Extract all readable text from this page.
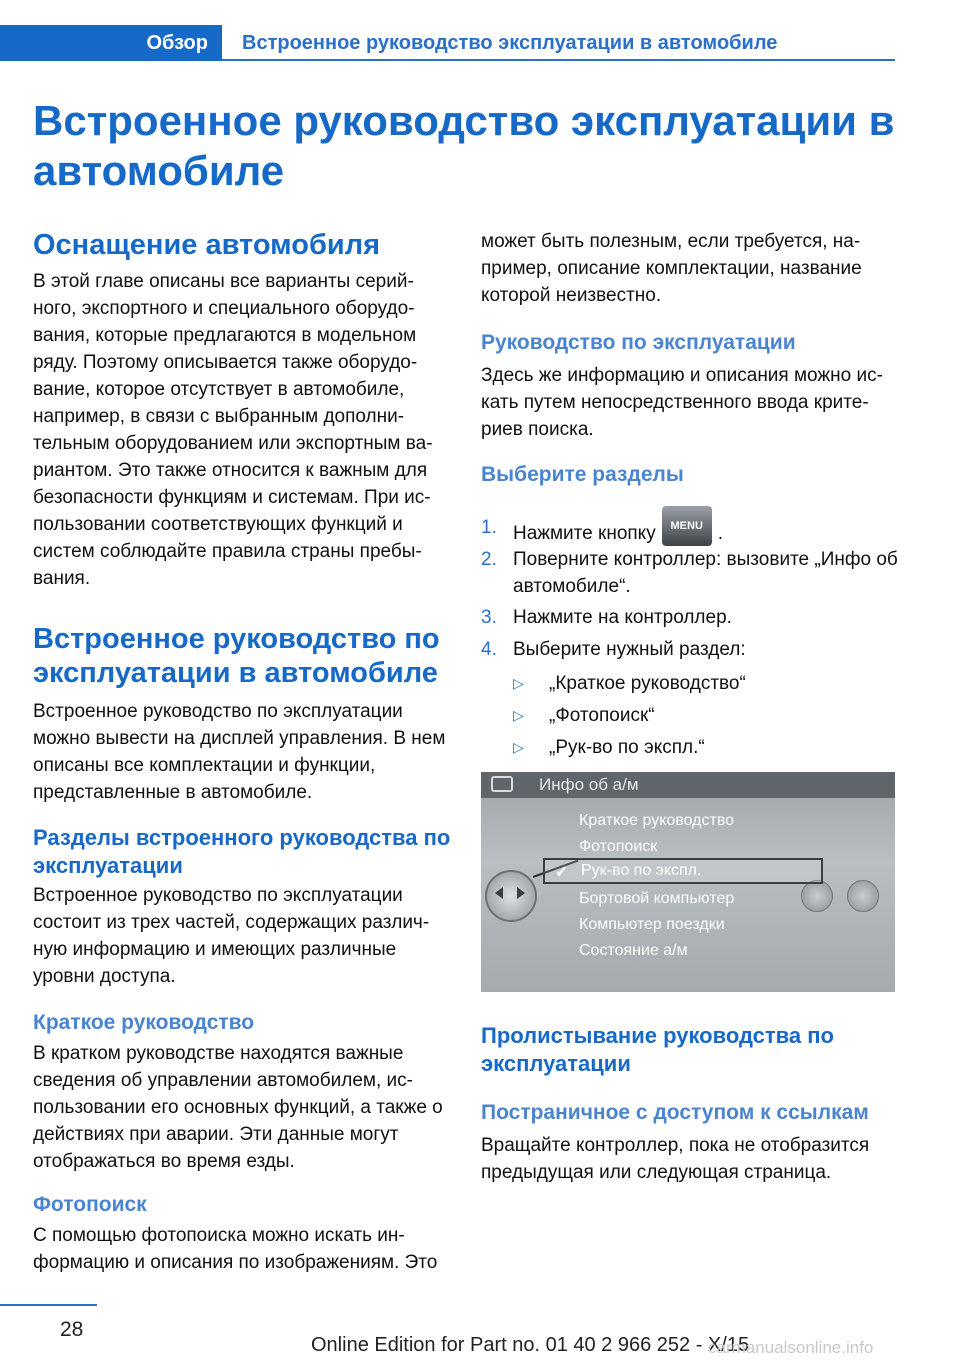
Обзор	Встроенное руководство эксплуатации в автомобиле
Встроенное руководство эксплуатации в автомобиле
Оснащение автомобиля

В этой главе описаны все варианты серий-ного, экспортного и специального оборудо-вания, которые предлагаются в модельном ряду. Поэтому описывается также оборудо-вание, которое отсутствует в автомобиле, например, в связи с выбранным дополни-тельным оборудованием или экспортным ва-риантом. Это также относится к важным для безопасности функциям и системам. При ис-пользовании соответствующих функций и систем соблюдайте правила страны пребы-вания.

Встроенное руководство по эксплуатации в автомобиле

Встроенное руководство по эксплуатации можно вывести на дисплей управления. В нем описаны все комплектации и функции, представленные в автомобиле.

Разделы встроенного руководства по эксплуатации

Встроенное руководство по эксплуатации состоит из трех частей, содержащих различ-ную информацию и имеющих различные уровни доступа.

Краткое руководство

В кратком руководстве находятся важные сведения об управлении автомобилем, ис-пользовании его основных функций, а также о действиях при аварии. Эти данные могут отображаться во время езды.

Фотопоиск

С помощью фотопоиска можно искать ин-формацию и описания по изображениям. Это

может быть полезным, если требуется, на-пример, описание комплектации, название которой неизвестно.

Руководство по эксплуатации

Здесь же информацию и описания можно ис-кать путем непосредственного ввода крите-риев поиска.

Выберите разделы
1. Нажмите кнопку MENU .
2. Поверните контроллер: вызовите „Инфо об автомобиле“.
3. Нажмите на контроллер.
4. Выберите нужный раздел:
▷ „Краткое руководство“
▷ „Фотопоиск“
▷ „Рук-во по экспл.“
Инфо об а/м
Краткое руководство
Фотопоиск
✓ Рук-во по экспл.
Бортовой компьютер
Компьютер поездки
Состояние а/м
Пролистывание руководства по эксплуатации
Постраничное с доступом к ссылкам

Вращайте контроллер, пока не отобразится предыдущая или следующая страница.

28
Online Edition for Part no. 01 40 2 966 252 - X/15
carmanualsonline.info
